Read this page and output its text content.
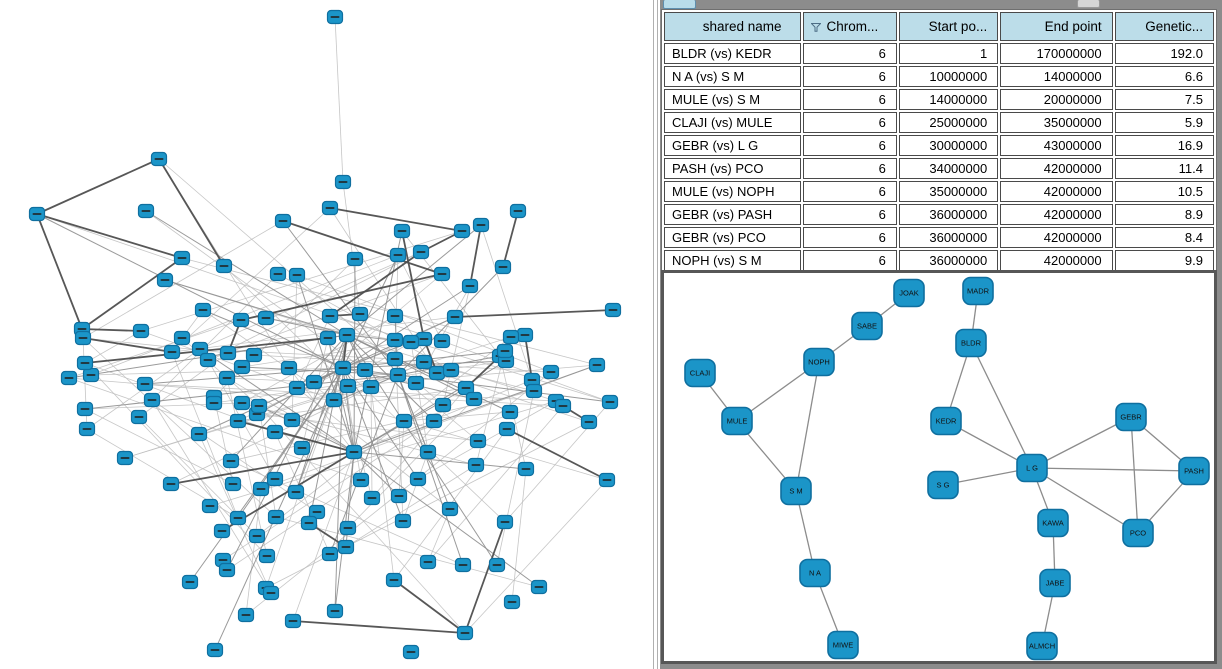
shared name	Chrom...	Start po...	End point	Genetic...
BLDR (vs) KEDR	6	1	170000000	192.0
N A (vs) S M	6	10000000	14000000	6.6
MULE (vs) S M	6	14000000	20000000	7.5
CLAJI (vs) MULE	6	25000000	35000000	5.9
GEBR (vs) L G	6	30000000	43000000	16.9
PASH (vs) PCO	6	34000000	42000000	11.4
MULE (vs) NOPH	6	35000000	42000000	10.5
GEBR (vs) PASH	6	36000000	42000000	8.9
GEBR (vs) PCO	6	36000000	42000000	8.4
NOPH (vs) S M	6	36000000	42000000	9.9
JOAK
SABE
NOPH
CLAJI
MULE
S M
N A
MIWE
MADR
BLDR
KEDR
S G
L G
GEBR
PASH
PCO
KAWA
JABE
ALMCH
